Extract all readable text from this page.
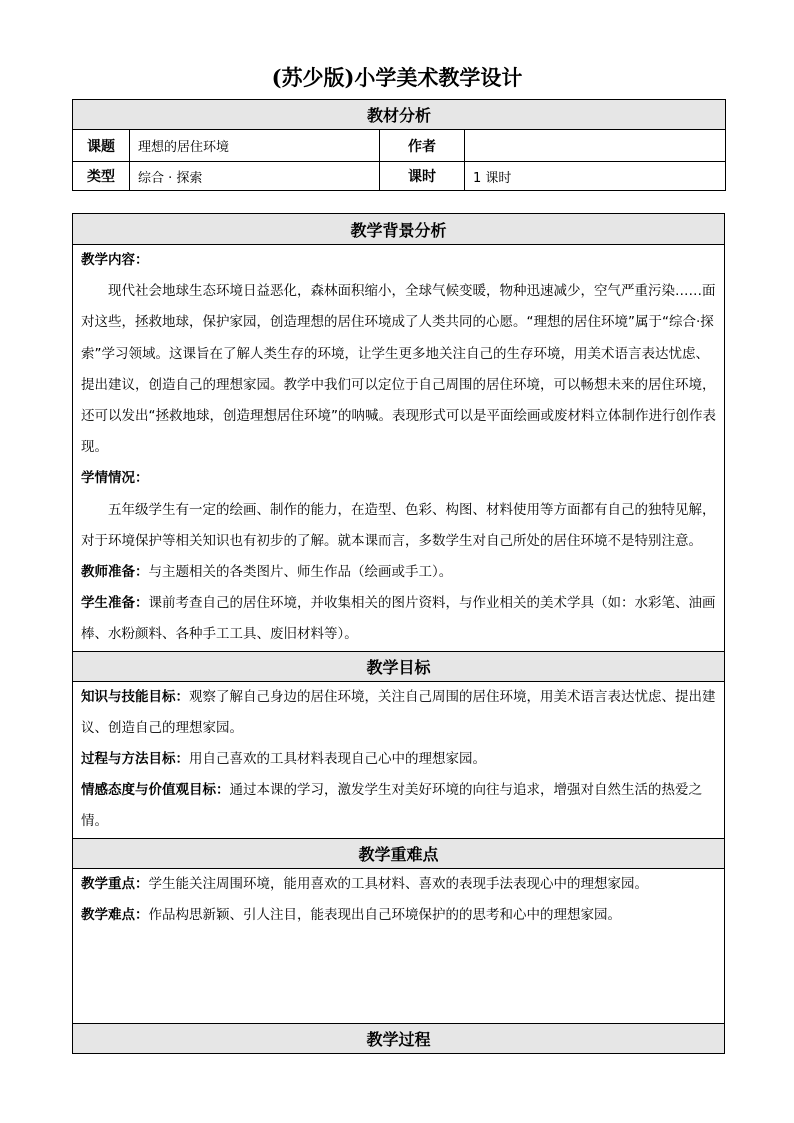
(苏少版)小学美术教学设计
教材分析			
课题	理想的居住环境	作者	
类型	综合 · 探索	课时	1 课时
教学背景分析

教学内容：

现代社会地球生态环境日益恶化，森林面积缩小，全球气候变暖，物种迅速减少，空气严重污染……面对这些，拯救地球，保护家园，创造理想的居住环境成了人类共同的心愿。“理想的居住环境”属于“综合·探索”学习领域。这课旨在了解人类生存的环境，让学生更多地关注自己的生存环境，用美术语言表达忧虑、提出建议，创造自己的理想家园。教学中我们可以定位于自己周围的居住环境，可以畅想未来的居住环境，还可以发出“拯救地球，创造理想居住环境”的呐喊。表现形式可以是平面绘画或废材料立体制作进行创作表现。

学情情况：

五年级学生有一定的绘画、制作的能力，在造型、色彩、构图、材料使用等方面都有自己的独特见解，对于环境保护等相关知识也有初步的了解。就本课而言，多数学生对自己所处的居住环境不是特别注意。

教师准备：与主题相关的各类图片、师生作品（绘画或手工）。

学生准备：课前考查自己的居住环境，并收集相关的图片资料，与作业相关的美术学具（如：水彩笔、油画棒、水粉颜料、各种手工工具、废旧材料等）。

教学目标

知识与技能目标：观察了解自己身边的居住环境，关注自己周围的居住环境，用美术语言表达忧虑、提出建议、创造自己的理想家园。

过程与方法目标：用自己喜欢的工具材料表现自己心中的理想家园。

情感态度与价值观目标：通过本课的学习，激发学生对美好环境的向往与追求，增强对自然生活的热爱之情。

教学重难点

教学重点：学生能关注周围环境，能用喜欢的工具材料、喜欢的表现手法表现心中的理想家园。

教学难点：作品构思新颖、引人注目，能表现出自己环境保护的的思考和心中的理想家园。

教学过程
